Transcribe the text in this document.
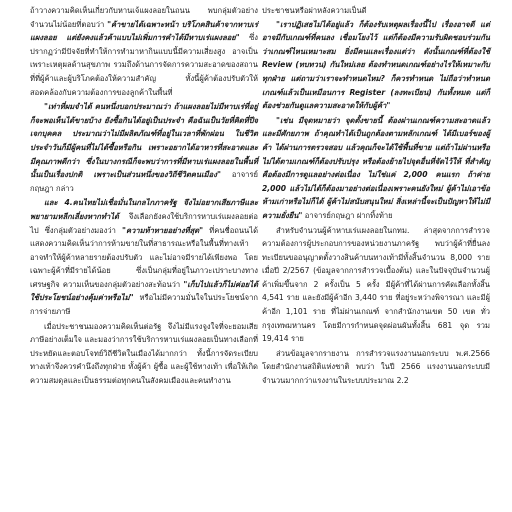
ถ้าวางความคิดเห็นเกี่ยวกับหานเจ้แผงลอยในถนน พบกลุ่มตัวอย่างจำนวนไม่น้อยที่ตอบว่า "ค้าขายได้เฉพาะหน้า บริโภคสินค้าจากหาบเร่แผงลอย แต่ยังคงแล้วค้าแบบไม่เพิ่มการคำได้มีหาบเร่แผงลอย" ซึ่งปรากฏว่ามีปัจจัยที่ทำให้การทำมาหากินแบบนี้มีความเสี่ยงสูง อาจเป็นเพราะเหตุผลด้านสุขภาพ รวมถึงด้านการจัดการความสะอาดของสถานที่ที่ผู้ค้าและผู้บริโภคต้องให้ความสำคัญ ทั้งนี้ผู้ค้าต้องปรับตัวให้สอดคล้องกับความต้องการของลูกค้าในพื้นที่

"เท่าที่ผมจำได้ คนหนึ่งบอกประมาณว่า ถ้าแผงลอยไม่มีหาบเร่ที่อยู่ก็จะพอเห็นได้ขายบ้าง ยังซื้อกินได้อยู่เป็นประจำ คือฉันเป็นวัยที่คิดที่ปีจเจกบุคคล ประมาณว่าไม่มีผลิตภัณฑ์ที่อยู่ในเวลาที่พักผ่อน ในชีวิตประจำวันก็มีผู้คนที่ไม่ได้ซื้อหรือกิน เพราะอยากได้อาหารที่สะอาดและมีคุณภาพดีกว่า ซึ่งในบางกรณีก็จะพบว่าการที่มีหาบเร่แผงลอยในพื้นที่นั้นเป็นเรื่องปกติ เพราะเป็นส่วนหนึ่งของวิถีชีวิตคนเมือง" อาจารย์กฤษฎา กล่าว

และ 4.คนไทยไม่เชื่อมั่นในกลไกภาครัฐ จึงไม่อยากเสียภาษีและพยายามหลีกเลี่ยงหากทำได้ จึงเลือกยังคงใช้บริการหาบเร่แผงลอยต่อไป ซึ่งกลุ่มตัวอย่างมองว่า "ความท้าทายอย่างที่สุด" ที่คนชื่อถนนได้แสดงความคิดเห็นว่าการห้ามขายในที่สาธารณะหรือในพื้นที่ทางเท้าอาจทำให้ผู้ค้าหลายรายต้องปรับตัว และไม่อาจมีรายได้เพียงพอ โดยเฉพาะผู้ค้าที่มีรายได้น้อย ซึ่งเป็นกลุ่มที่อยู่ในภาวะเปราะบางทางเศรษฐกิจ ความเห็นของกลุ่มตัวอย่างสะท้อนว่า "เก็บไปแล้วก็ไม่ค่อยได้ใช้ประโยชน์อย่างคุ้มค่าหรือไม่" หรือไม่มีความมั่นใจในประโยชน์จากการจ่ายภาษี

เมื่อประชาชนมองความคิดเห็นต่อรัฐ จึงไม่มีแรงจูงใจที่จะยอมเสียภาษีอย่างเต็มใจ และมองว่าการใช้บริการหาบเร่แผงลอยเป็นทางเลือกที่ประหยัดและตอบโจทย์วิถีชีวิตในเมืองได้มากกว่า ทั้งนี้การจัดระเบียบทางเท้าจึงควรคำนึงถึงทุกฝ่าย ทั้งผู้ค้า ผู้ซื้อ และผู้ใช้ทางเท้า เพื่อให้เกิดความสมดุลและเป็นธรรมต่อทุกคนในสังคมเมืองและคนทำงาน

ประชาชนหรือผ่าหลังความเป็นดี

"เราปฏิเสธไม่ได้อยู่แล้ว ก็ต้องรับเหตุผลเรื่องนี้ไป เรื่องอาจดี แต่อาจมีกับเกณฑ์ที่คนลง เชื่อมโยงไว้ แต่ก็ต้องมีความรับผิดชอบร่วมกันว่าเกณฑ์ไหนเหมาะสม ยิ่งมีคนและเรื่องแต่ว่า ดังนั้นเกณฑ์ที่ต้องใช้ Review (ทบทวน) กันใหม่เลย ต้องทำหนดเกณฑ์อย่างไรให้เหมาะกับทุกฝ่าย แต่ถามว่าเราจะทำหนดไหม? ก็ควรทำหนด ไม่ถือว่าทำหนดเกณฑ์แล้วเป็นเหมือนการ Register (ลงทะเบียน) กันทั้งหมด แต่ก็ต้องช่วยกันดูแลความสะอาดให้กับผู้ค้า"

"เช่น มีจุดหมายว่า จุดตั้งขายนี้ ต้องผ่านเกณฑ์ความสะอาดแล้ว และมีศักยภาพ ถ้าคุณทำได้เป็นถูกต้องตามหลักเกณฑ์ ได้มีเบอร์ของผู้ค้า ได้ผ่านการตรวจสอบ แล้วคุณก็จะได้ใช้พื้นที่ขาย แต่ถ้าไม่ผ่านหรือไม่ได้ตามเกณฑ์ก็ต้องปรับปรุง หรือต้องย้ายไปจุดอื่นที่จัดไว้ให้ ที่สำคัญคือต้องมีการดูแลอย่างต่อเนื่อง ไม่ใช่แค่ 2,000 คนแรก ถ้าค่าย 2,000 แล้วไม่ได้ก็ต้องมาอย่างต่อเนื่องเพราะคนยังใหม่ ผู้ค้าไม่เอาข้อห้ามเก่าหรือไม่ก็ได้ ผู้ค้าไม่สนับสนุนใหม่ สิ่งเหล่านี้จะเป็นปัญหาให้ไม่มีความยั่งยืน" อาจารย์กฤษฎา ฝากทิ้งท้าย

สำหรับจำนวนผู้ค้าหาบเร่แผงลอยในกทม. ล่าสุดจากการสำรวจความต้องการผู้ประกอบการของหน่วยงานภาครัฐ พบว่าผู้ค้าที่ยื่นลงทะเบียนขออนุญาตตั้งวางสินค้าบนทางเท้ามีทั้งสิ้นจำนวน 8,000 ราย เมื่อปี 2/2567 (ข้อมูลจากการสำรวจเบื้องต้น) และในปัจจุบันจำนวนผู้ค้าเพิ่มขึ้นจาก 2 ครั้งเป็น 5 ครั้ง มีผู้ค้าที่ได้ผ่านการคัดเลือกทั้งสิ้น 4,541 ราย และยังมีผู้ค้าอีก 3,440 ราย ที่อยู่ระหว่างพิจารณา และมีผู้ค้าอีก 1,101 ราย ที่ไม่ผ่านเกณฑ์ จากสำนักงานเขต 50 เขต ทั่วกรุงเทพมหานคร โดยมีการกำหนดจุดผ่อนผันทั้งสิ้น 681 จุด รวม 19,414 ราย

ส่วนข้อมูลจากรายงาน การสำรวจแรงงานนอกระบบ พ.ศ.2566 โดยสำนักงานสถิติแห่งชาติ พบว่า ในปี 2566 แรงงานนอกระบบมีจำนวนมากกว่าแรงงานในระบบประมาณ 2.2
